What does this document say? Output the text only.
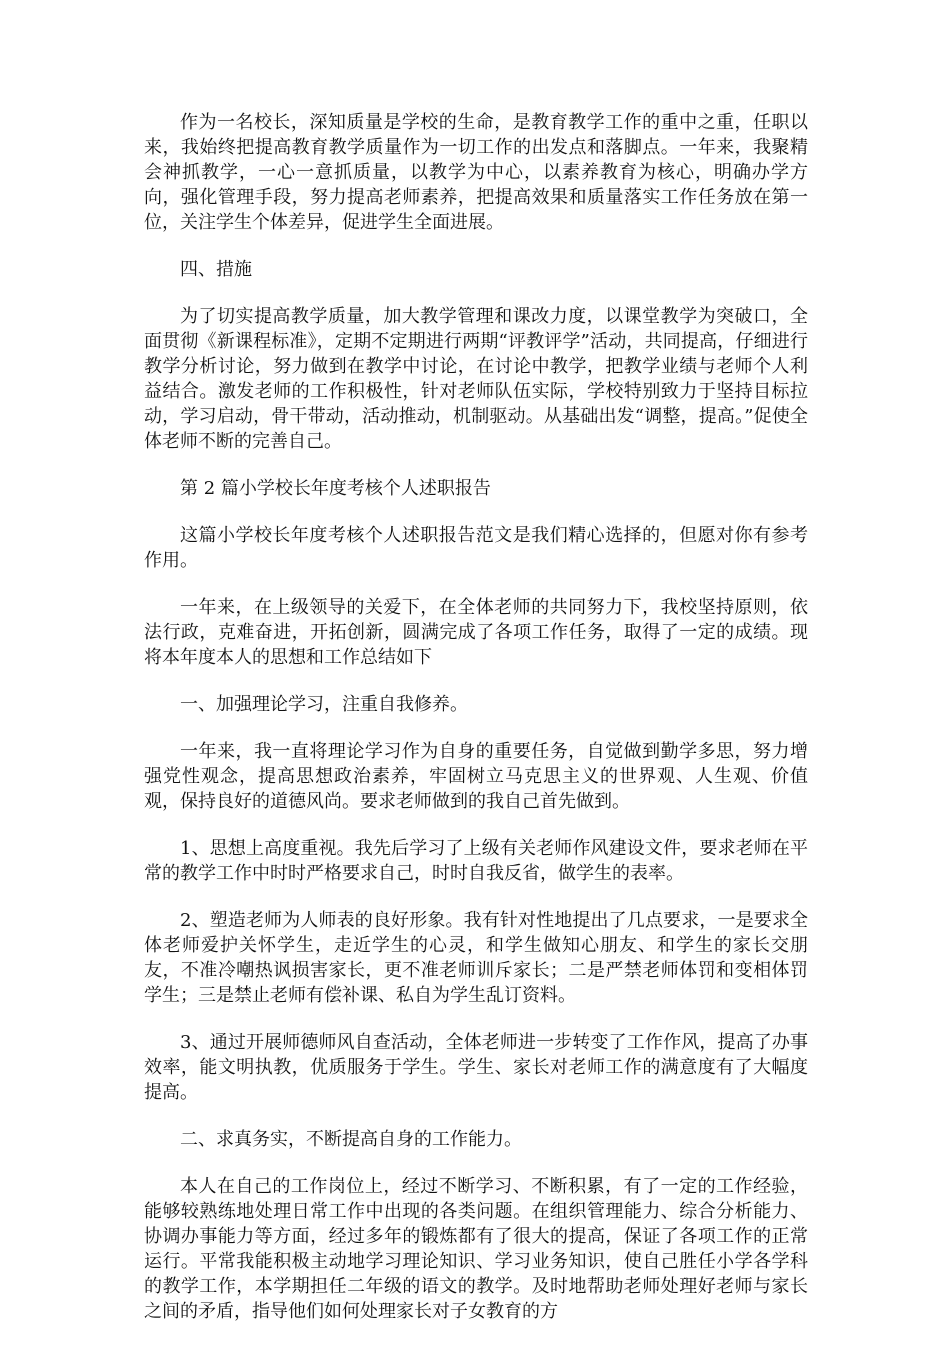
作为一名校长，深知质量是学校的生命，是教育教学工作的重中之重，任职以来，我始终把提高教育教学质量作为一切工作的出发点和落脚点。一年来，我聚精会神抓教学，一心一意抓质量，以教学为中心，以素养教育为核心，明确办学方向，强化管理手段，努力提高老师素养，把提高效果和质量落实工作任务放在第一位，关注学生个体差异，促进学生全面进展。

四、措施

为了切实提高教学质量，加大教学管理和课改力度，以课堂教学为突破口，全面贯彻《新课程标准》，定期不定期进行两期“评教评学”活动，共同提高，仔细进行教学分析讨论，努力做到在教学中讨论，在讨论中教学，把教学业绩与老师个人利益结合。激发老师的工作积极性，针对老师队伍实际，学校特别致力于坚持目标拉动，学习启动，骨干带动，活动推动，机制驱动。从基础出发“调整，提高。”促使全体老师不断的完善自己。

第 2 篇小学校长年度考核个人述职报告

这篇小学校长年度考核个人述职报告范文是我们精心选择的，但愿对你有参考作用。

一年来，在上级领导的关爱下，在全体老师的共同努力下，我校坚持原则，依法行政，克难奋进，开拓创新，圆满完成了各项工作任务，取得了一定的成绩。现将本年度本人的思想和工作总结如下

一、加强理论学习，注重自我修养。

一年来，我一直将理论学习作为自身的重要任务，自觉做到勤学多思，努力增强党性观念，提高思想政治素养，牢固树立马克思主义的世界观、人生观、价值观，保持良好的道德风尚。要求老师做到的我自己首先做到。

1、思想上高度重视。我先后学习了上级有关老师作风建设文件，要求老师在平常的教学工作中时时严格要求自己，时时自我反省，做学生的表率。

2、塑造老师为人师表的良好形象。我有针对性地提出了几点要求，一是要求全体老师爱护关怀学生，走近学生的心灵，和学生做知心朋友、和学生的家长交朋友，不准冷嘲热讽损害家长，更不准老师训斥家长；二是严禁老师体罚和变相体罚学生；三是禁止老师有偿补课、私自为学生乱订资料。

3、通过开展师德师风自查活动，全体老师进一步转变了工作作风，提高了办事效率，能文明执教，优质服务于学生。学生、家长对老师工作的满意度有了大幅度提高。

二、求真务实，不断提高自身的工作能力。

本人在自己的工作岗位上，经过不断学习、不断积累，有了一定的工作经验，能够较熟练地处理日常工作中出现的各类问题。在组织管理能力、综合分析能力、协调办事能力等方面，经过多年的锻炼都有了很大的提高，保证了各项工作的正常运行。平常我能积极主动地学习理论知识、学习业务知识，使自己胜任小学各学科的教学工作，本学期担任二年级的语文的教学。及时地帮助老师处理好老师与家长之间的矛盾，指导他们如何处理家长对子女教育的方
